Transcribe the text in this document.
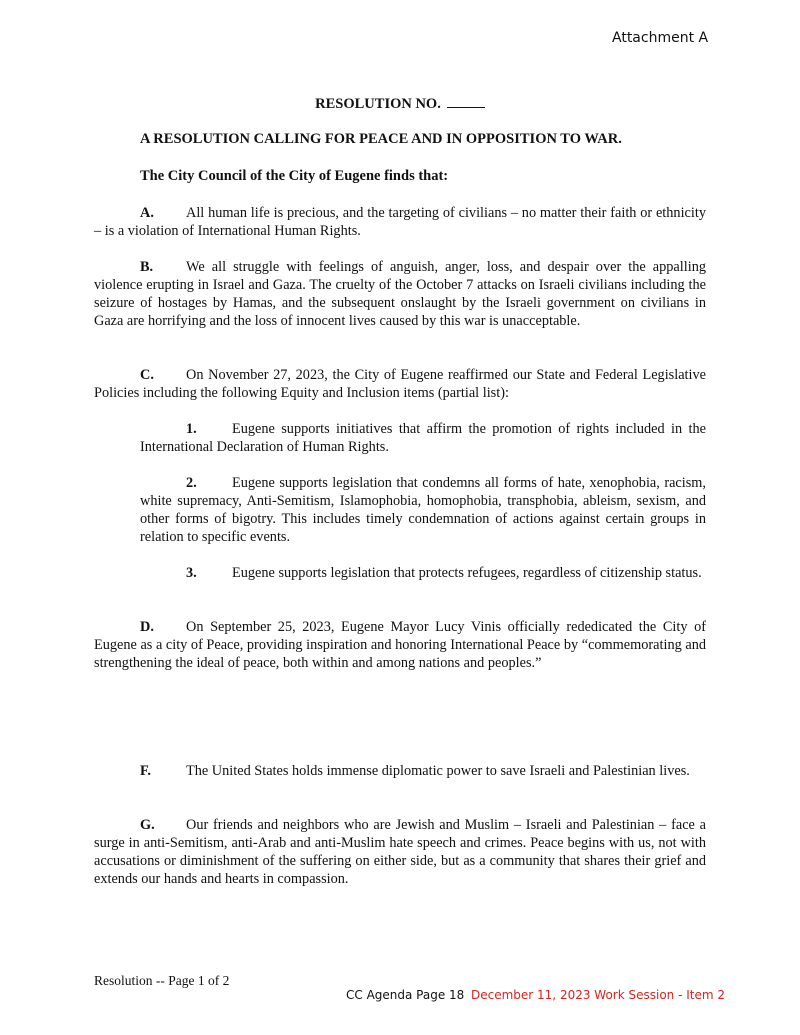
Attachment A
RESOLUTION NO.
A RESOLUTION CALLING FOR PEACE AND IN OPPOSITION TO WAR.
The City Council of the City of Eugene finds that:
A. All human life is precious, and the targeting of civilians – no matter their faith or ethnicity – is a violation of International Human Rights.
B. We all struggle with feelings of anguish, anger, loss, and despair over the appalling violence erupting in Israel and Gaza. The cruelty of the October 7 attacks on Israeli civilians including the seizure of hostages by Hamas, and the subsequent onslaught by the Israeli government on civilians in Gaza are horrifying and the loss of innocent lives caused by this war is unacceptable.
C. On November 27, 2023, the City of Eugene reaffirmed our State and Federal Legislative Policies including the following Equity and Inclusion items (partial list):
1. Eugene supports initiatives that affirm the promotion of rights included in the International Declaration of Human Rights.
2. Eugene supports legislation that condemns all forms of hate, xenophobia, racism, white supremacy, Anti-Semitism, Islamophobia, homophobia, transphobia, ableism, sexism, and other forms of bigotry. This includes timely condemnation of actions against certain groups in relation to specific events.
3. Eugene supports legislation that protects refugees, regardless of citizenship status.
D. On September 25, 2023, Eugene Mayor Lucy Vinis officially rededicated the City of Eugene as a city of Peace, providing inspiration and honoring International Peace by “commemorating and strengthening the ideal of peace, both within and among nations and peoples.”
F. The United States holds immense diplomatic power to save Israeli and Palestinian lives.
G. Our friends and neighbors who are Jewish and Muslim – Israeli and Palestinian – face a surge in anti-Semitism, anti-Arab and anti-Muslim hate speech and crimes. Peace begins with us, not with accusations or diminishment of the suffering on either side, but as a community that shares their grief and extends our hands and hearts in compassion.
Resolution -- Page 1 of 2
CC Agenda Page 18 December 11, 2023 Work Session - Item 2
